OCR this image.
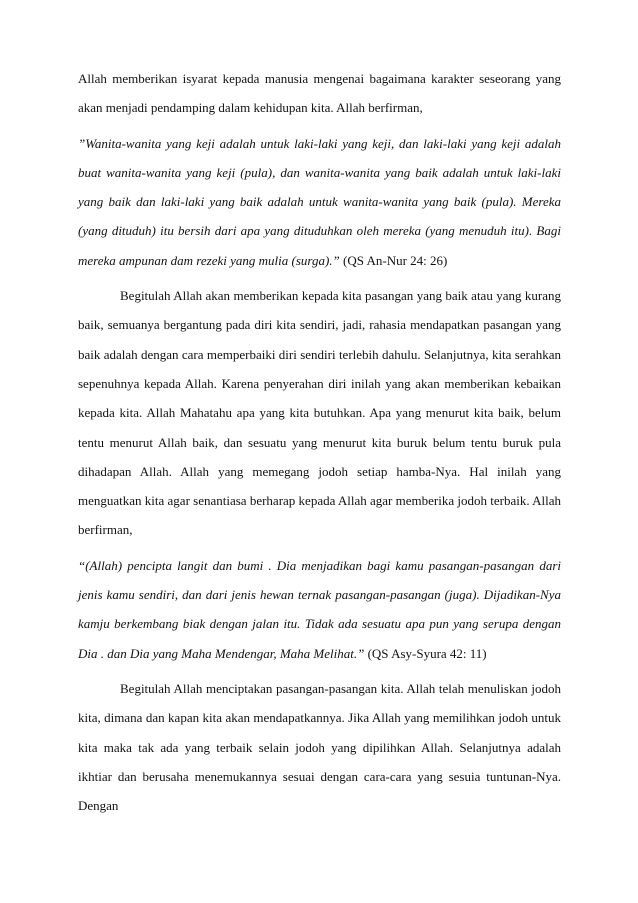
Allah memberikan isyarat kepada manusia mengenai bagaimana karakter seseorang yang akan menjadi pendamping dalam kehidupan kita. Allah berfirman,

”Wanita-wanita yang keji adalah untuk laki-laki yang keji, dan laki-laki yang keji adalah buat wanita-wanita yang keji (pula), dan wanita-wanita yang baik adalah untuk laki-laki yang baik dan laki-laki yang baik adalah untuk wanita-wanita yang baik (pula). Mereka (yang dituduh) itu bersih dari apa yang dituduhkan oleh mereka (yang menuduh itu). Bagi mereka ampunan dam rezeki yang mulia (surga).” (QS An-Nur 24: 26)

Begitulah Allah akan memberikan kepada kita pasangan yang baik atau yang kurang baik, semuanya bergantung pada diri kita sendiri, jadi, rahasia mendapatkan pasangan yang baik adalah dengan cara memperbaiki diri sendiri terlebih dahulu. Selanjutnya, kita serahkan sepenuhnya kepada Allah. Karena penyerahan diri inilah yang akan memberikan kebaikan kepada kita. Allah Mahatahu apa yang kita butuhkan. Apa yang menurut kita baik, belum tentu menurut Allah baik, dan sesuatu yang menurut kita buruk belum tentu buruk pula dihadapan Allah. Allah yang memegang jodoh setiap hamba-Nya. Hal inilah yang menguatkan kita agar senantiasa berharap kepada Allah agar memberika jodoh terbaik. Allah berfirman,

“(Allah) pencipta langit dan bumi . Dia menjadikan bagi kamu pasangan-pasangan dari jenis kamu sendiri, dan dari jenis hewan ternak pasangan-pasangan (juga). Dijadikan-Nya kamju berkembang biak dengan jalan itu. Tidak ada sesuatu apa pun yang serupa dengan Dia . dan Dia yang Maha Mendengar, Maha Melihat.” (QS Asy-Syura 42: 11)

Begitulah Allah menciptakan pasangan-pasangan kita. Allah telah menuliskan jodoh kita, dimana dan kapan kita akan mendapatkannya. Jika Allah yang memilihkan jodoh untuk kita maka tak ada yang terbaik selain jodoh yang dipilihkan Allah. Selanjutnya adalah ikhtiar dan berusaha menemukannya sesuai dengan cara-cara yang sesuia tuntunan-Nya. Dengan
